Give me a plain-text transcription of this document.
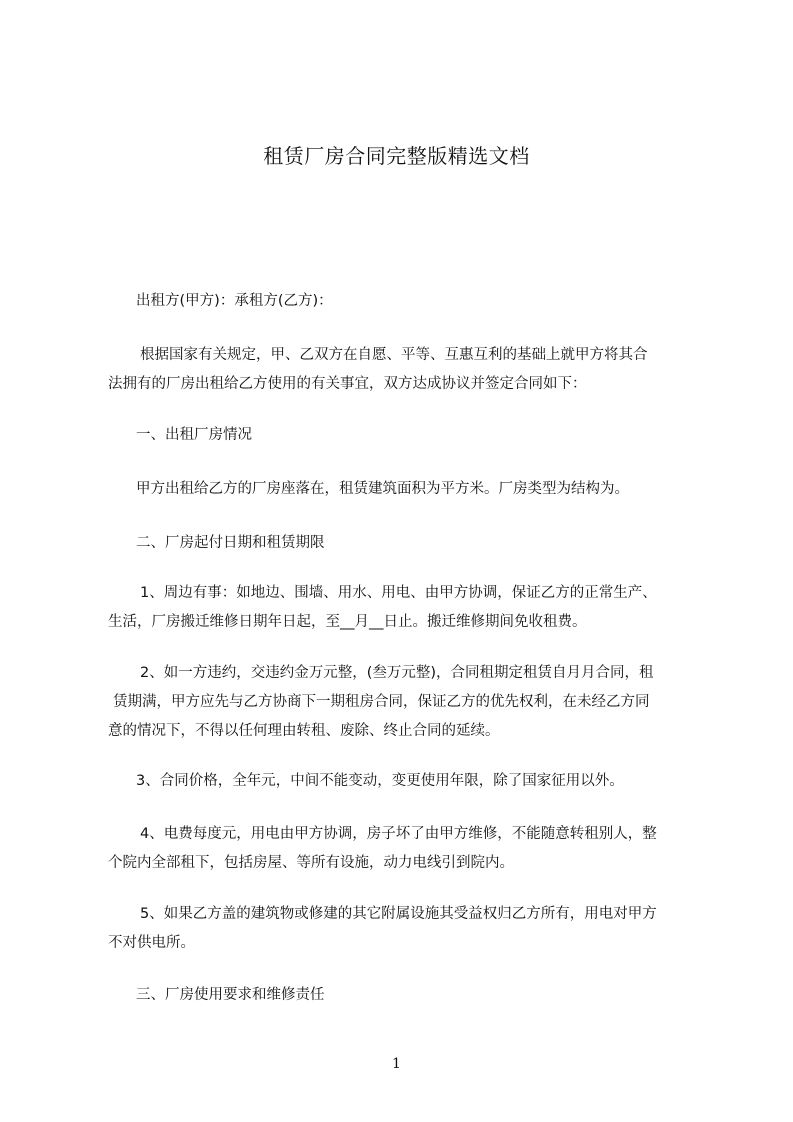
租赁厂房合同完整版精选文档

出租方(甲方)：承租方(乙方)：

根据国家有关规定，甲、乙双方在自愿、平等、互惠互利的基础上就甲方将其合
法拥有的厂房出租给乙方使用的有关事宜，双方达成协议并签定合同如下：

一、出租厂房情况

甲方出租给乙方的厂房座落在，租赁建筑面积为平方米。厂房类型为结构为。

二、厂房起付日期和租赁期限

1、周边有事：如地边、围墙、用水、用电、由甲方协调，保证乙方的正常生产、
生活，厂房搬迁维修日期年日起，至__月__日止。搬迁维修期间免收租费。

2、如一方违约，交违约金万元整，(叁万元整)，合同租期定租赁自月月合同，租
赁期满，甲方应先与乙方协商下一期租房合同，保证乙方的优先权利，在未经乙方同
意的情况下，不得以任何理由转租、废除、终止合同的延续。

3、合同价格，全年元，中间不能变动，变更使用年限，除了国家征用以外。

4、电费每度元，用电由甲方协调，房子坏了由甲方维修，不能随意转租别人，整
个院内全部租下，包括房屋、等所有设施，动力电线引到院内。

5、如果乙方盖的建筑物或修建的其它附属设施其受益权归乙方所有，用电对甲方
不对供电所。

三、厂房使用要求和维修责任

1
